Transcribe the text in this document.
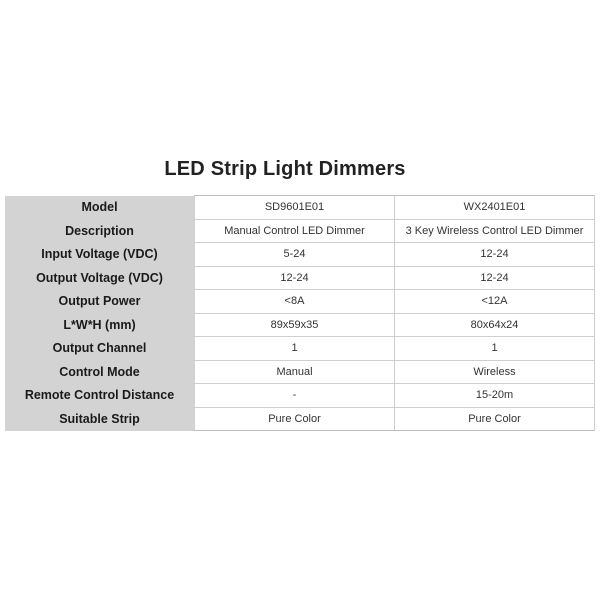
LED Strip Light Dimmers
Model	SD9601E01	WX2401E01
Description	Manual Control LED Dimmer	3 Key Wireless Control LED Dimmer
Input Voltage (VDC)	5-24	12-24
Output Voltage (VDC)	12-24	12-24
Output Power	<8A	<12A
L*W*H (mm)	89x59x35	80x64x24
Output Channel	1	1
Control Mode	Manual	Wireless
Remote Control Distance	-	15-20m
Suitable Strip	Pure Color	Pure Color
